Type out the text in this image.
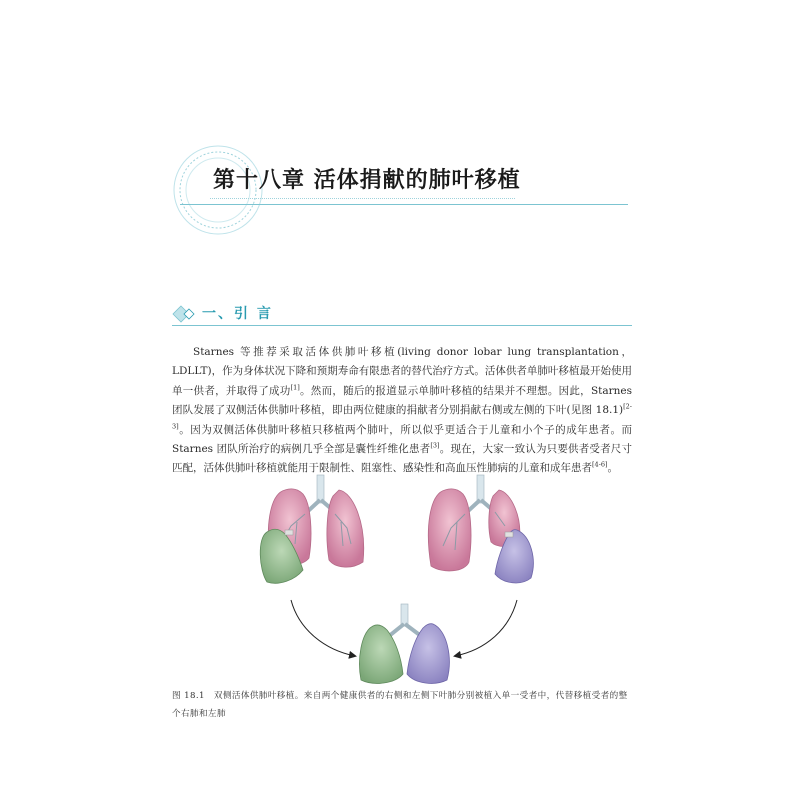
第十八章 活体捐献的肺叶移植
一、引 言

Starnes 等推荐采取活体供肺叶移植(living donor lobar lung transplantation，LDLLT)，作为身体状况下降和预期寿命有限患者的替代治疗方式。活体供者单肺叶移植最开始使用单一供者，并取得了成功[1]。然而，随后的报道显示单肺叶移植的结果并不理想。因此，Starnes 团队发展了双侧活体供肺叶移植，即由两位健康的捐献者分别捐献右侧或左侧的下叶(见图 18.1)[2-3]。因为双侧活体供肺叶移植只移植两个肺叶，所以似乎更适合于儿童和小个子的成年患者。而 Starnes 团队所治疗的病例几乎全部是囊性纤维化患者[3]。现在，大家一致认为只要供者受者尺寸匹配，活体供肺叶移植就能用于限制性、阻塞性、感染性和高血压性肺病的儿童和成年患者[4-6]。

图 18.1　双侧活体供肺叶移植。来自两个健康供者的右侧和左侧下叶肺分别被植入单一受者中，代替移植受者的整个右肺和左肺
